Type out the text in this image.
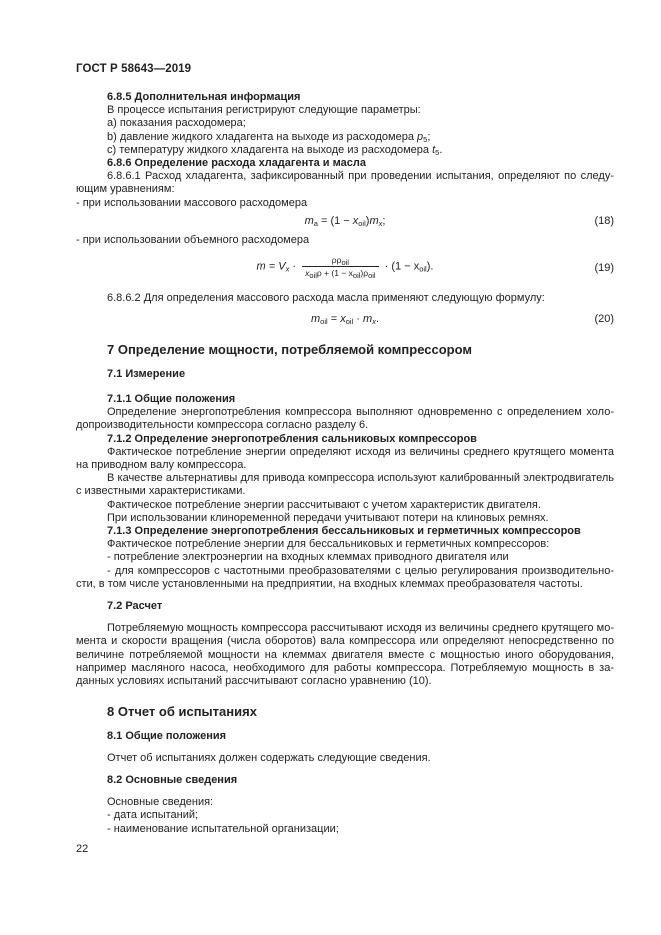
ГОСТ Р 58643—2019

6.8.5 Дополнительная информация

В процессе испытания регистрируют следующие параметры:

а) показания расходомера;

b) давление жидкого хладагента на выходе из расходомера $p_5$;

c) температуру жидкого хладагента на выходе из расходомера $t_5$.

6.8.6 Определение расхода хладагента и масла

6.8.6.1 Расход хладагента, зафиксированный при проведении испытания, определяют по следу-

ющим уравнениям:

- при использовании массового расходомера

$m_a = (1 - x_{oil})m_x$;	(18)

- при использовании объемного расходомера

$m = V_x \cdot \frac{\rho\rho_{oil}}{x_{oil}\rho + (1 - x_{oil})\rho_{oil}} \cdot (1 - x_{oil})$.	(19)

6.8.6.2 Для определения массового расхода масла применяют следующую формулу:

$m_{oil} = x_{oil} \cdot m_x$.	(20)

7 Определение мощности, потребляемой компрессором

7.1 Измерение

7.1.1 Общие положения

Определение энергопотребления компрессора выполняют одновременно с определением холо-

допроизводительности компрессора согласно разделу 6.

7.1.2 Определение энергопотребления сальниковых компрессоров

Фактическое потребление энергии определяют исходя из величины среднего крутящего момента

на приводном валу компрессора.

В качестве альтернативы для привода компрессора используют калиброванный электродвигатель

с известными характеристиками.

Фактическое потребление энергии рассчитывают с учетом характеристик двигателя.

При использовании клиноременной передачи учитывают потери на клиновых ремнях.

7.1.3 Определение энергопотребления бессальниковых и герметичных компрессоров

Фактическое потребление энергии для бессальниковых и герметичных компрессоров:

- потребление электроэнергии на входных клеммах приводного двигателя или

- для компрессоров с частотными преобразователями с целью регулирования производительно-

сти, в том числе установленными на предприятии, на входных клеммах преобразователя частоты.

7.2 Расчет

Потребляемую мощность компрессора рассчитывают исходя из величины среднего крутящего мо-

мента и скорости вращения (числа оборотов) вала компрессора или определяют непосредственно по

величине потребляемой мощности на клеммах двигателя вместе с мощностью иного оборудования,

например масляного насоса, необходимого для работы компрессора. Потребляемую мощность в за-

данных условиях испытаний рассчитывают согласно уравнению (10).

8 Отчет об испытаниях

8.1 Общие положения

Отчет об испытаниях должен содержать следующие сведения.

8.2 Основные сведения

Основные сведения:

- дата испытаний;

- наименование испытательной организации;

22
